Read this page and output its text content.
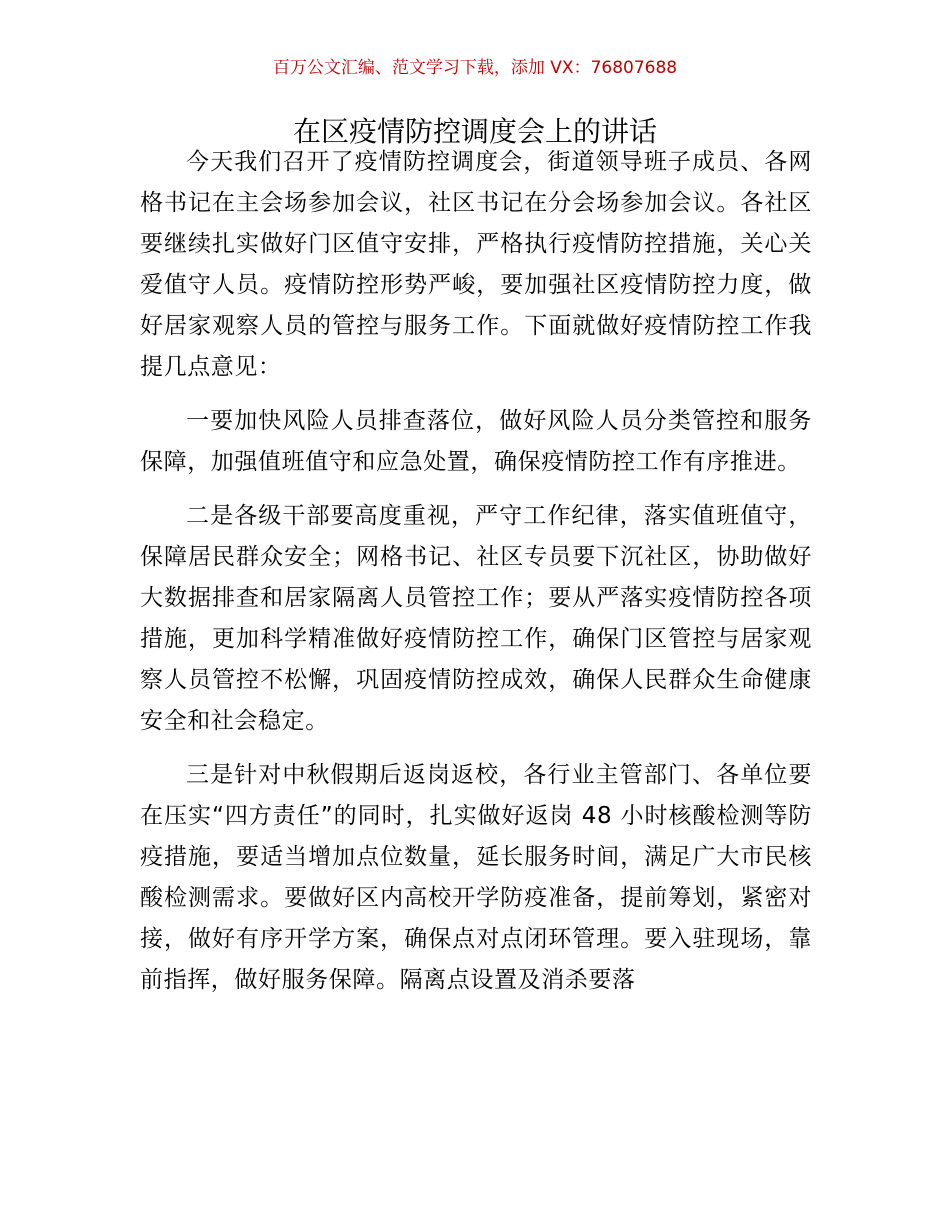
百万公文汇编、范文学习下载，添加 VX：76807688
在区疫情防控调度会上的讲话

今天我们召开了疫情防控调度会，街道领导班子成员、各网格书记在主会场参加会议，社区书记在分会场参加会议。各社区要继续扎实做好门区值守安排，严格执行疫情防控措施，关心关爱值守人员。疫情防控形势严峻，要加强社区疫情防控力度，做好居家观察人员的管控与服务工作。下面就做好疫情防控工作我提几点意见：

一要加快风险人员排查落位，做好风险人员分类管控和服务保障，加强值班值守和应急处置，确保疫情防控工作有序推进。

二是各级干部要高度重视，严守工作纪律，落实值班值守，保障居民群众安全；网格书记、社区专员要下沉社区，协助做好大数据排查和居家隔离人员管控工作；要从严落实疫情防控各项措施，更加科学精准做好疫情防控工作，确保门区管控与居家观察人员管控不松懈，巩固疫情防控成效，确保人民群众生命健康安全和社会稳定。

三是针对中秋假期后返岗返校，各行业主管部门、各单位要在压实“四方责任”的同时，扎实做好返岗 48 小时核酸检测等防疫措施，要适当增加点位数量，延长服务时间，满足广大市民核酸检测需求。要做好区内高校开学防疫准备，提前筹划，紧密对接，做好有序开学方案，确保点对点闭环管理。要入驻现场，靠前指挥，做好服务保障。隔离点设置及消杀要落
